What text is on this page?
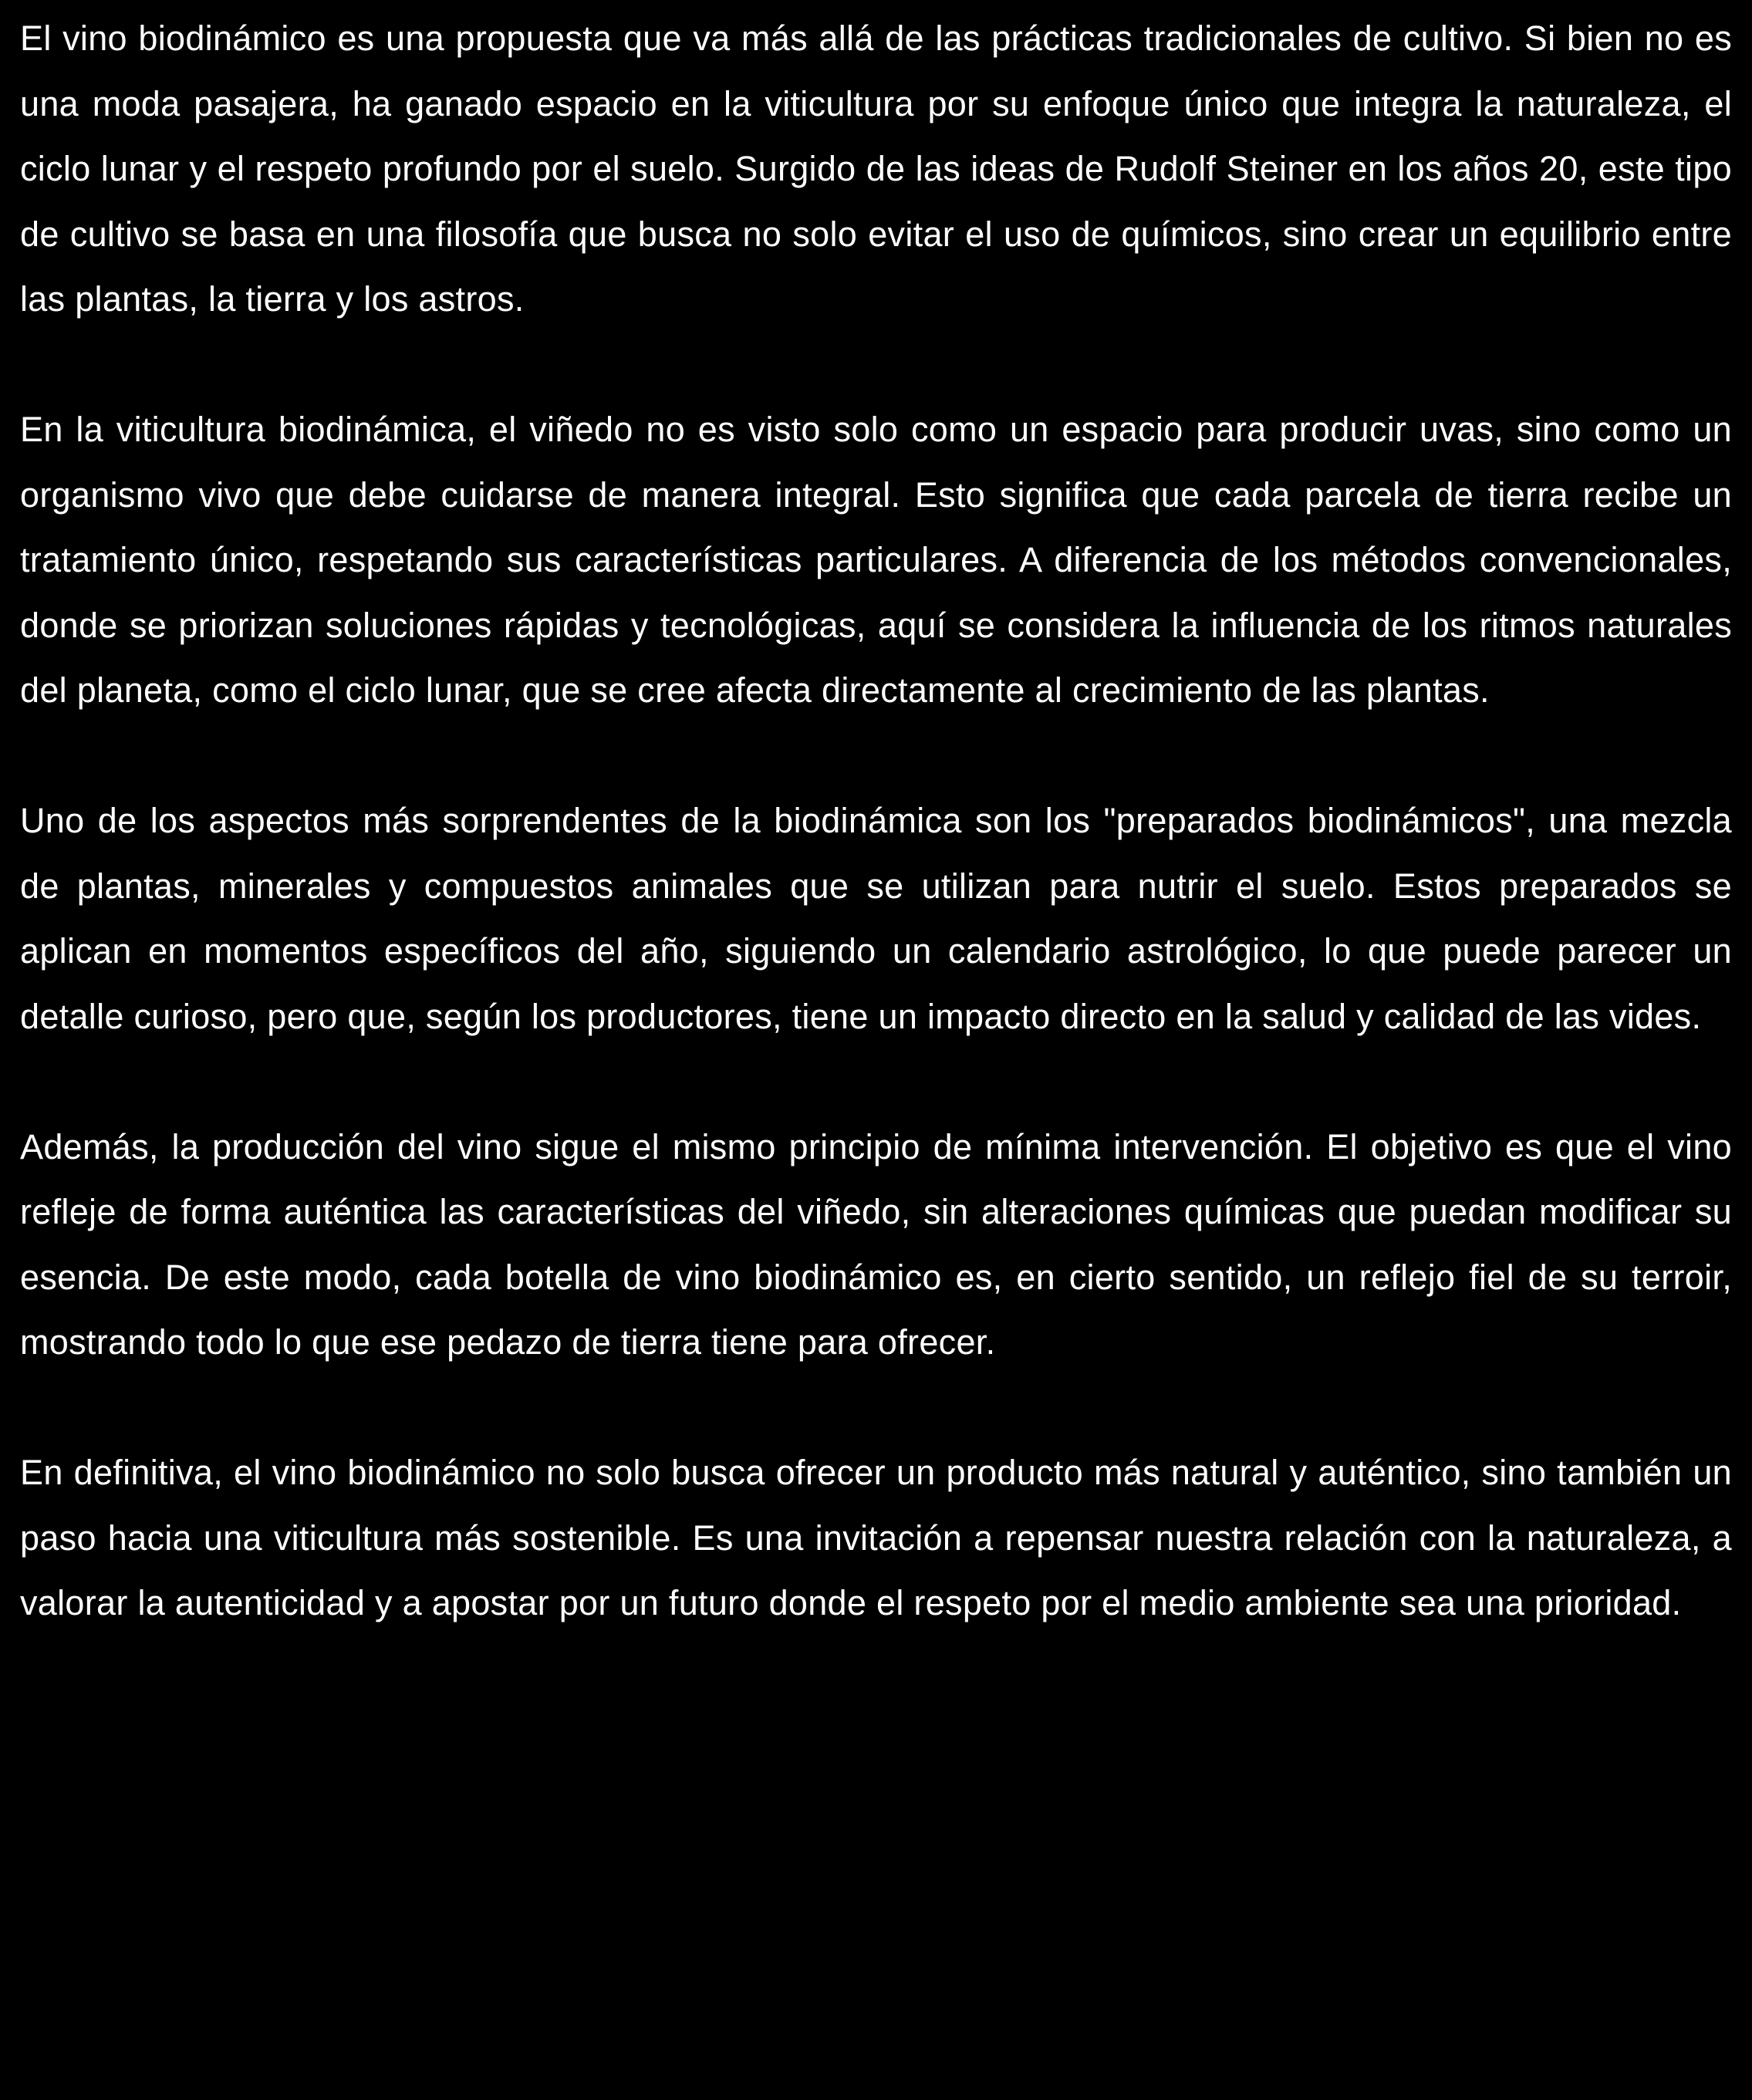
El vino biodinámico es una propuesta que va más allá de las prácticas tradicionales de cultivo. Si bien no es una moda pasajera, ha ganado espacio en la viticultura por su enfoque único que integra la naturaleza, el ciclo lunar y el respeto profundo por el suelo. Surgido de las ideas de Rudolf Steiner en los años 20, este tipo de cultivo se basa en una filosofía que busca no solo evitar el uso de químicos, sino crear un equilibrio entre las plantas, la tierra y los astros.

En la viticultura biodinámica, el viñedo no es visto solo como un espacio para producir uvas, sino como un organismo vivo que debe cuidarse de manera integral. Esto significa que cada parcela de tierra recibe un tratamiento único, respetando sus características particulares. A diferencia de los métodos convencionales, donde se priorizan soluciones rápidas y tecnológicas, aquí se considera la influencia de los ritmos naturales del planeta, como el ciclo lunar, que se cree afecta directamente al crecimiento de las plantas.

Uno de los aspectos más sorprendentes de la biodinámica son los "preparados biodinámicos", una mezcla de plantas, minerales y compuestos animales que se utilizan para nutrir el suelo. Estos preparados se aplican en momentos específicos del año, siguiendo un calendario astrológico, lo que puede parecer un detalle curioso, pero que, según los productores, tiene un impacto directo en la salud y calidad de las vides.

Además, la producción del vino sigue el mismo principio de mínima intervención. El objetivo es que el vino refleje de forma auténtica las características del viñedo, sin alteraciones químicas que puedan modificar su esencia. De este modo, cada botella de vino biodinámico es, en cierto sentido, un reflejo fiel de su terroir, mostrando todo lo que ese pedazo de tierra tiene para ofrecer.

En definitiva, el vino biodinámico no solo busca ofrecer un producto más natural y auténtico, sino también un paso hacia una viticultura más sostenible. Es una invitación a repensar nuestra relación con la naturaleza, a valorar la autenticidad y a apostar por un futuro donde el respeto por el medio ambiente sea una prioridad.
